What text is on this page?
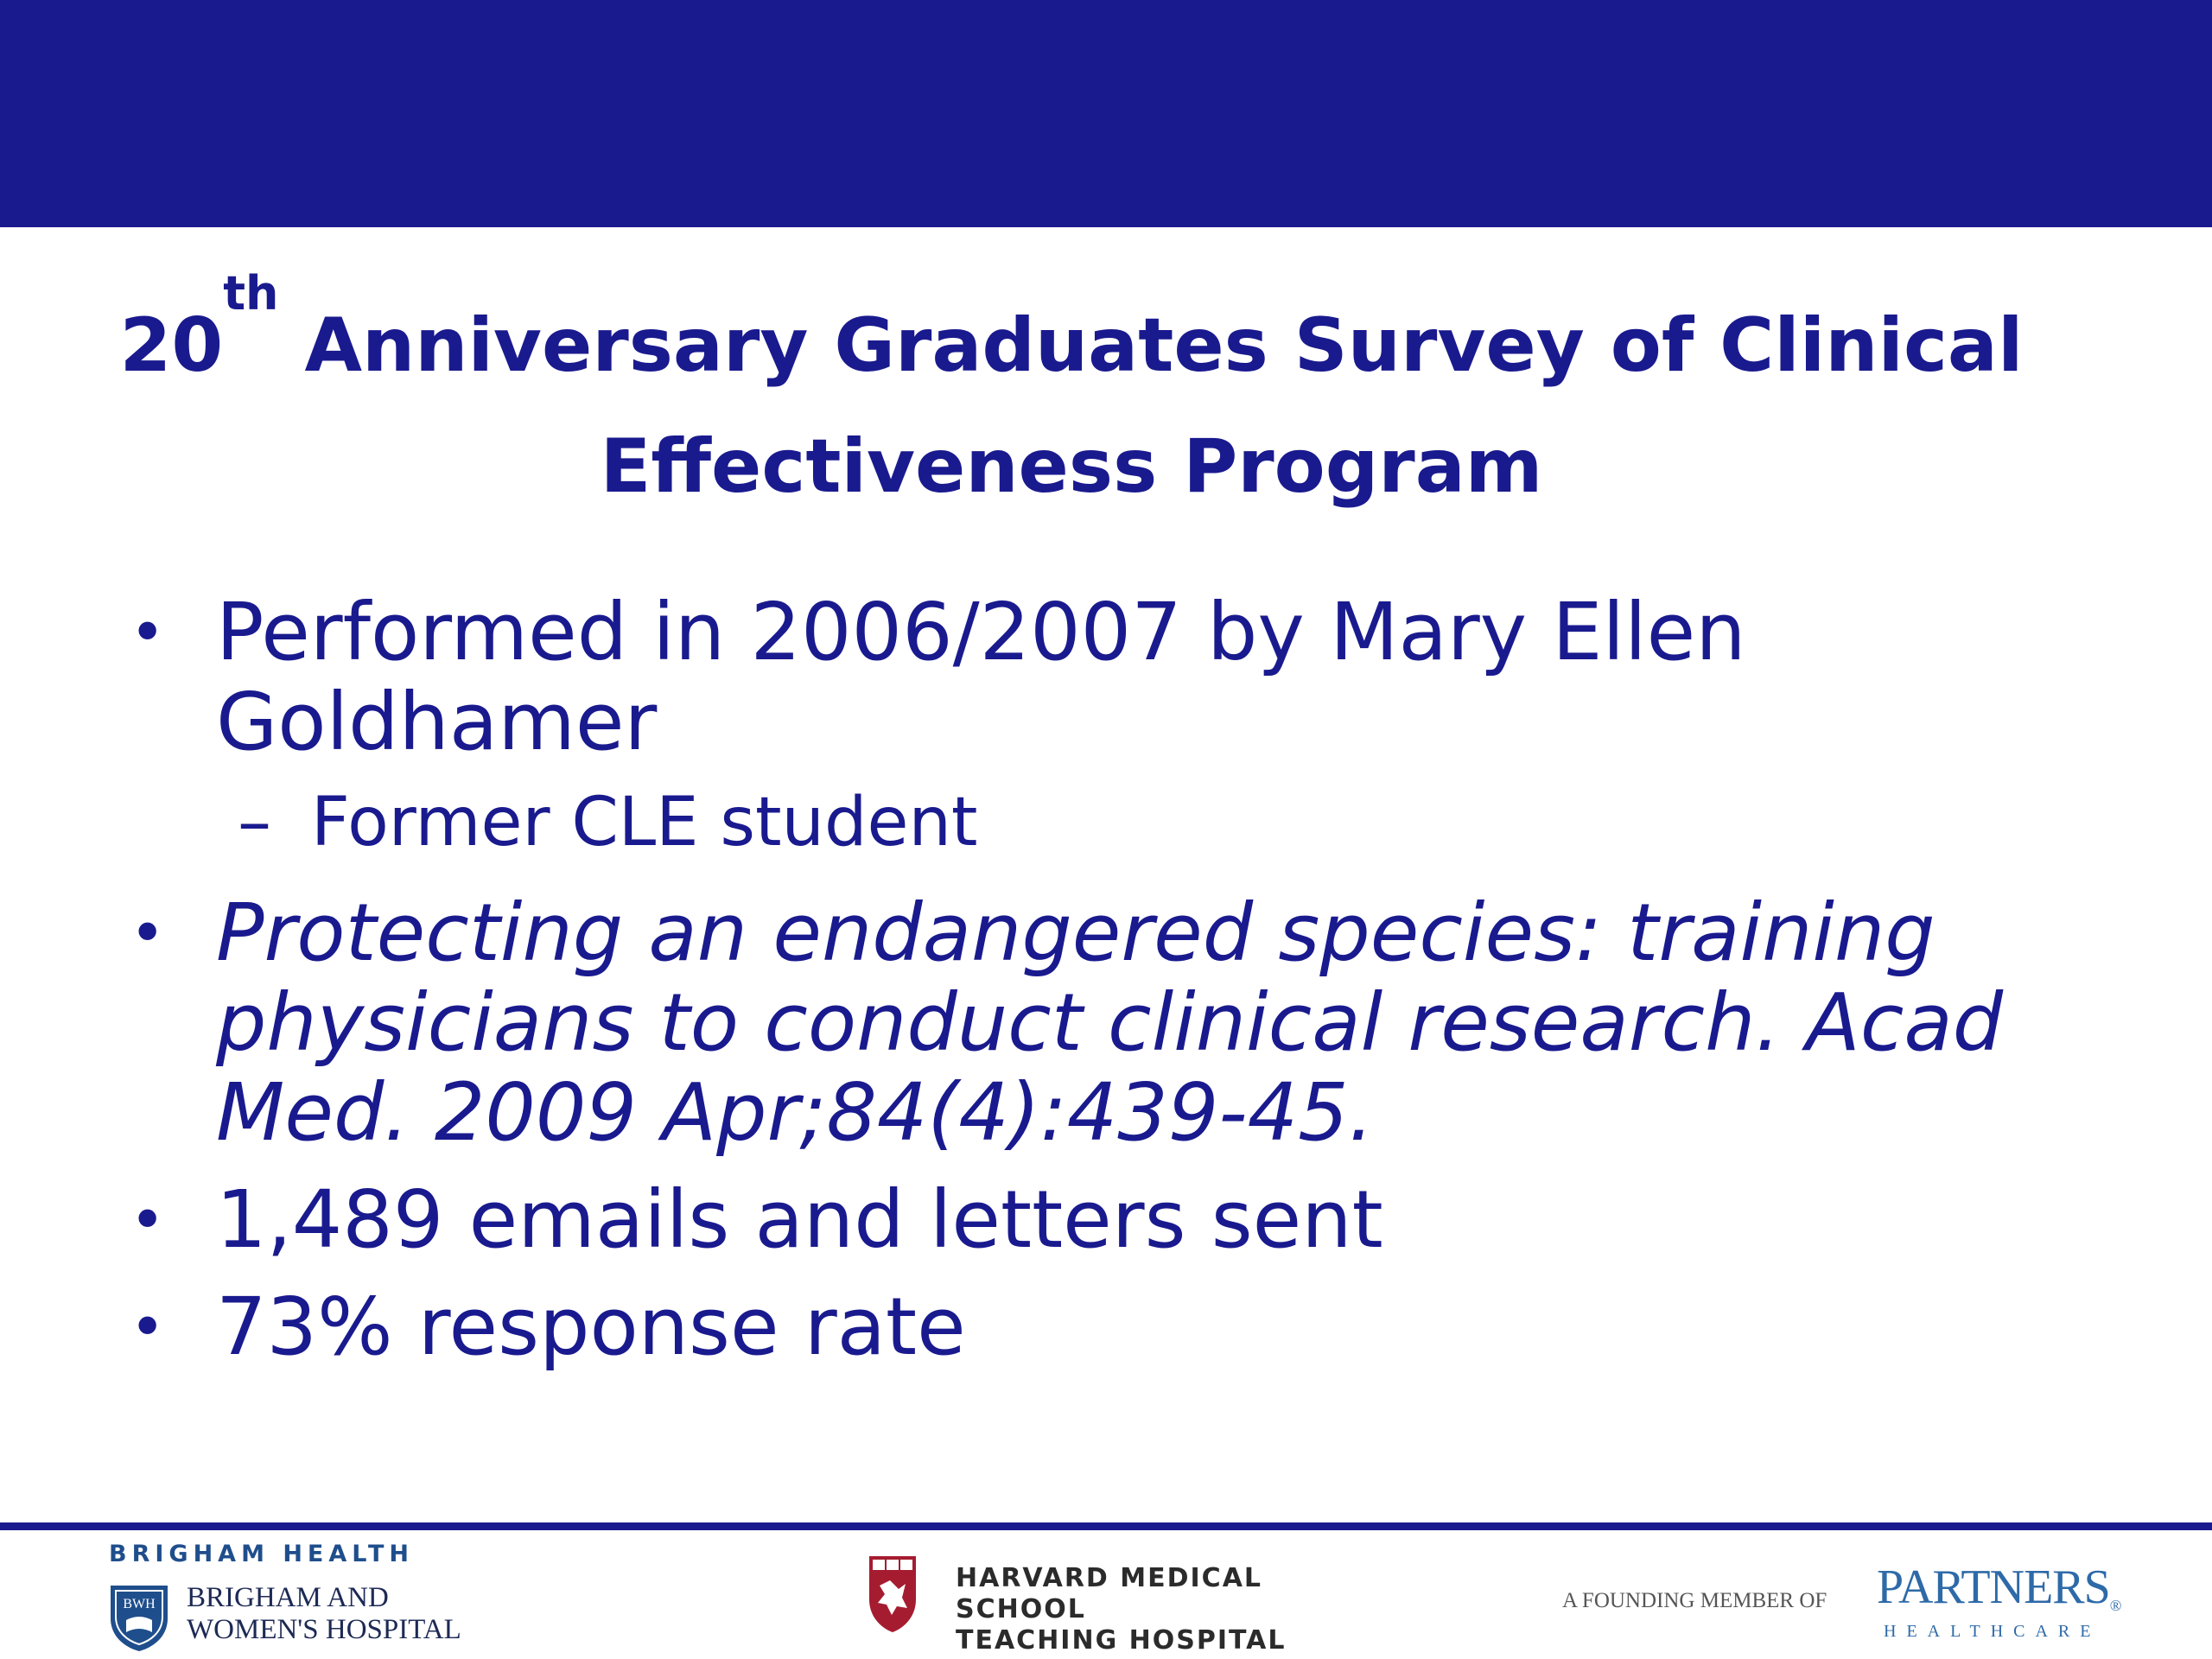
20th Anniversary Graduates Survey of Clinical
Effectiveness Program
• Performed in 2006/2007 by Mary Ellen Goldhamer
– Former CLE student
• Protecting an endangered species: training physicians to conduct clinical research. Acad Med. 2009 Apr;84(4):439-45.
• 1,489 emails and letters sent
• 73% response rate
BRIGHAM HEALTH
BWH BRIGHAM AND
WOMEN'S HOSPITAL
HARVARD MEDICAL SCHOOL
TEACHING HOSPITAL
A FOUNDING MEMBER OF PARTNERS®
HEALTHCARE
